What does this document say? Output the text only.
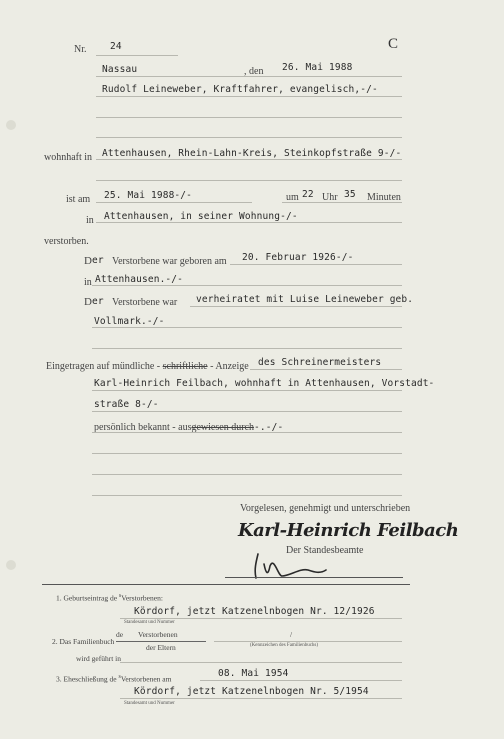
Nr. 24	C
Nassau	, den 26. Mai 1988
Rudolf Leineweber, Kraftfahrer, evangelisch,-/-
wohnhaft in Attenhausen, Rhein-Lahn-Kreis, Steinkopfstraße 9-/-
ist am 25. Mai 1988-/-	um 22 Uhr 35 Minuten
in Attenhausen, in seiner Wohnung-/-
verstorben.
D er Verstorbene war geboren am 20. Februar 1926-/-
in Attenhausen.-/-
D er Verstorbene war verheiratet mit Luise Leineweber geb.
Vollmark.-/-
Eingetragen auf mündliche - schriftliche - Anzeige des Schreinermeisters
Karl-Heinrich Feilbach, wohnhaft in Attenhausen, Vorstadt-
straße 8-/-
persönlich bekannt - ausgewiesen durch-.-/-
Vorgelesen, genehmigt und unterschrieben
Karl-Heinrich Feilbach
Der Standesbeamte
1. Geburtseintrag de $^s$Verstorbenen:
Kördorf, jetzt Katzenelnbogen Nr. 12/1926
Standesamt und Nummer
2. Das Familienbuch
de Verstorbenen
der Eltern
/
(Kennzeichen des Familienbuchs)
wird geführt in
3. Eheschließung de $^s$Verstorbenen am	08. Mai 1954
Kördorf, jetzt Katzenelnbogen Nr. 5/1954
Standesamt und Nummer
